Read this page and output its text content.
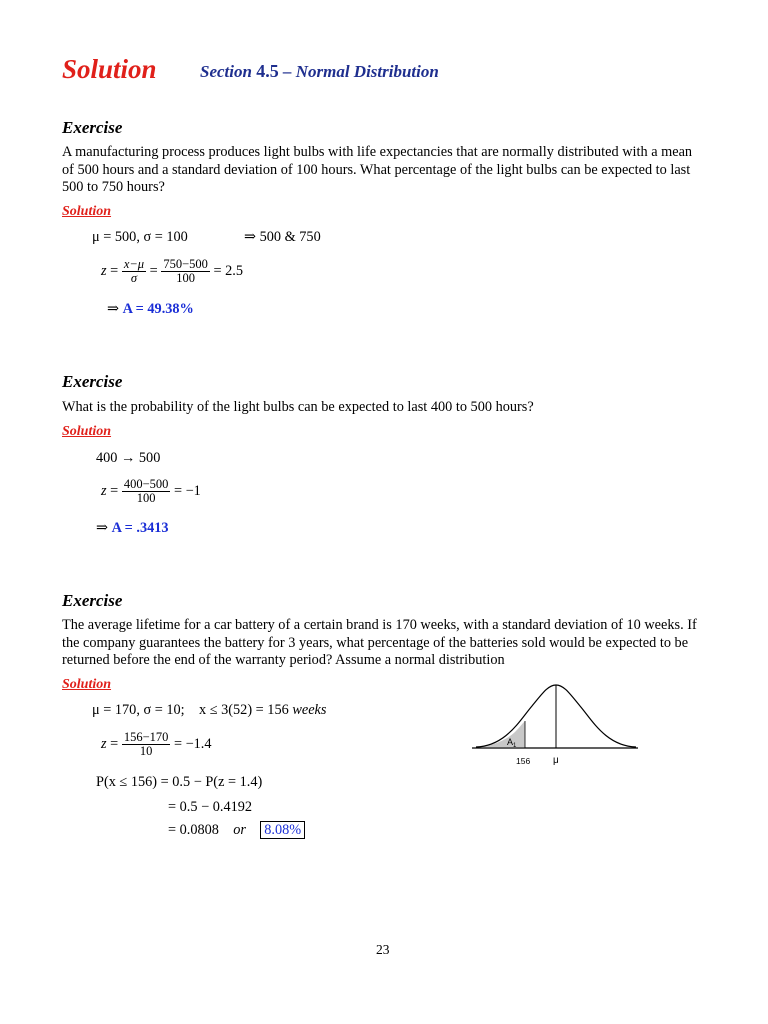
Solution	Section 4.5 – Normal Distribution
Exercise
A manufacturing process produces light bulbs with life expectancies that are normally distributed with a mean of 500 hours and a standard deviation of 100 hours. What percentage of the light bulbs can be expected to last 500 to 750 hours?
Solution
μ = 500, σ = 100	⇒ 500 & 750
$z = \frac{x-\mu}{\sigma} = \frac{750-500}{100} = 2.5$
⇒ A = 49.38%
Exercise
What is the probability of the light bulbs can be expected to last 400 to 500 hours?
Solution
400 → 500
$z = \frac{400-500}{100} = -1$
⇒ A = .3413
Exercise
The average lifetime for a car battery of a certain brand is 170 weeks, with a standard deviation of 10 weeks. If the company guarantees the battery for 3 years, what percentage of the batteries sold would be expected to be returned before the end of the warranty period? Assume a normal distribution
Solution
μ = 170, σ = 10; x ≤ 3(52) = 156 weeks
$z = \frac{156-170}{10} = -1.4$
P(x ≤ 156) = 0.5 − P(z = 1.4)
= 0.5 − 0.4192
= 0.0808 or 8.08%
$A_1$
156 μ
23
